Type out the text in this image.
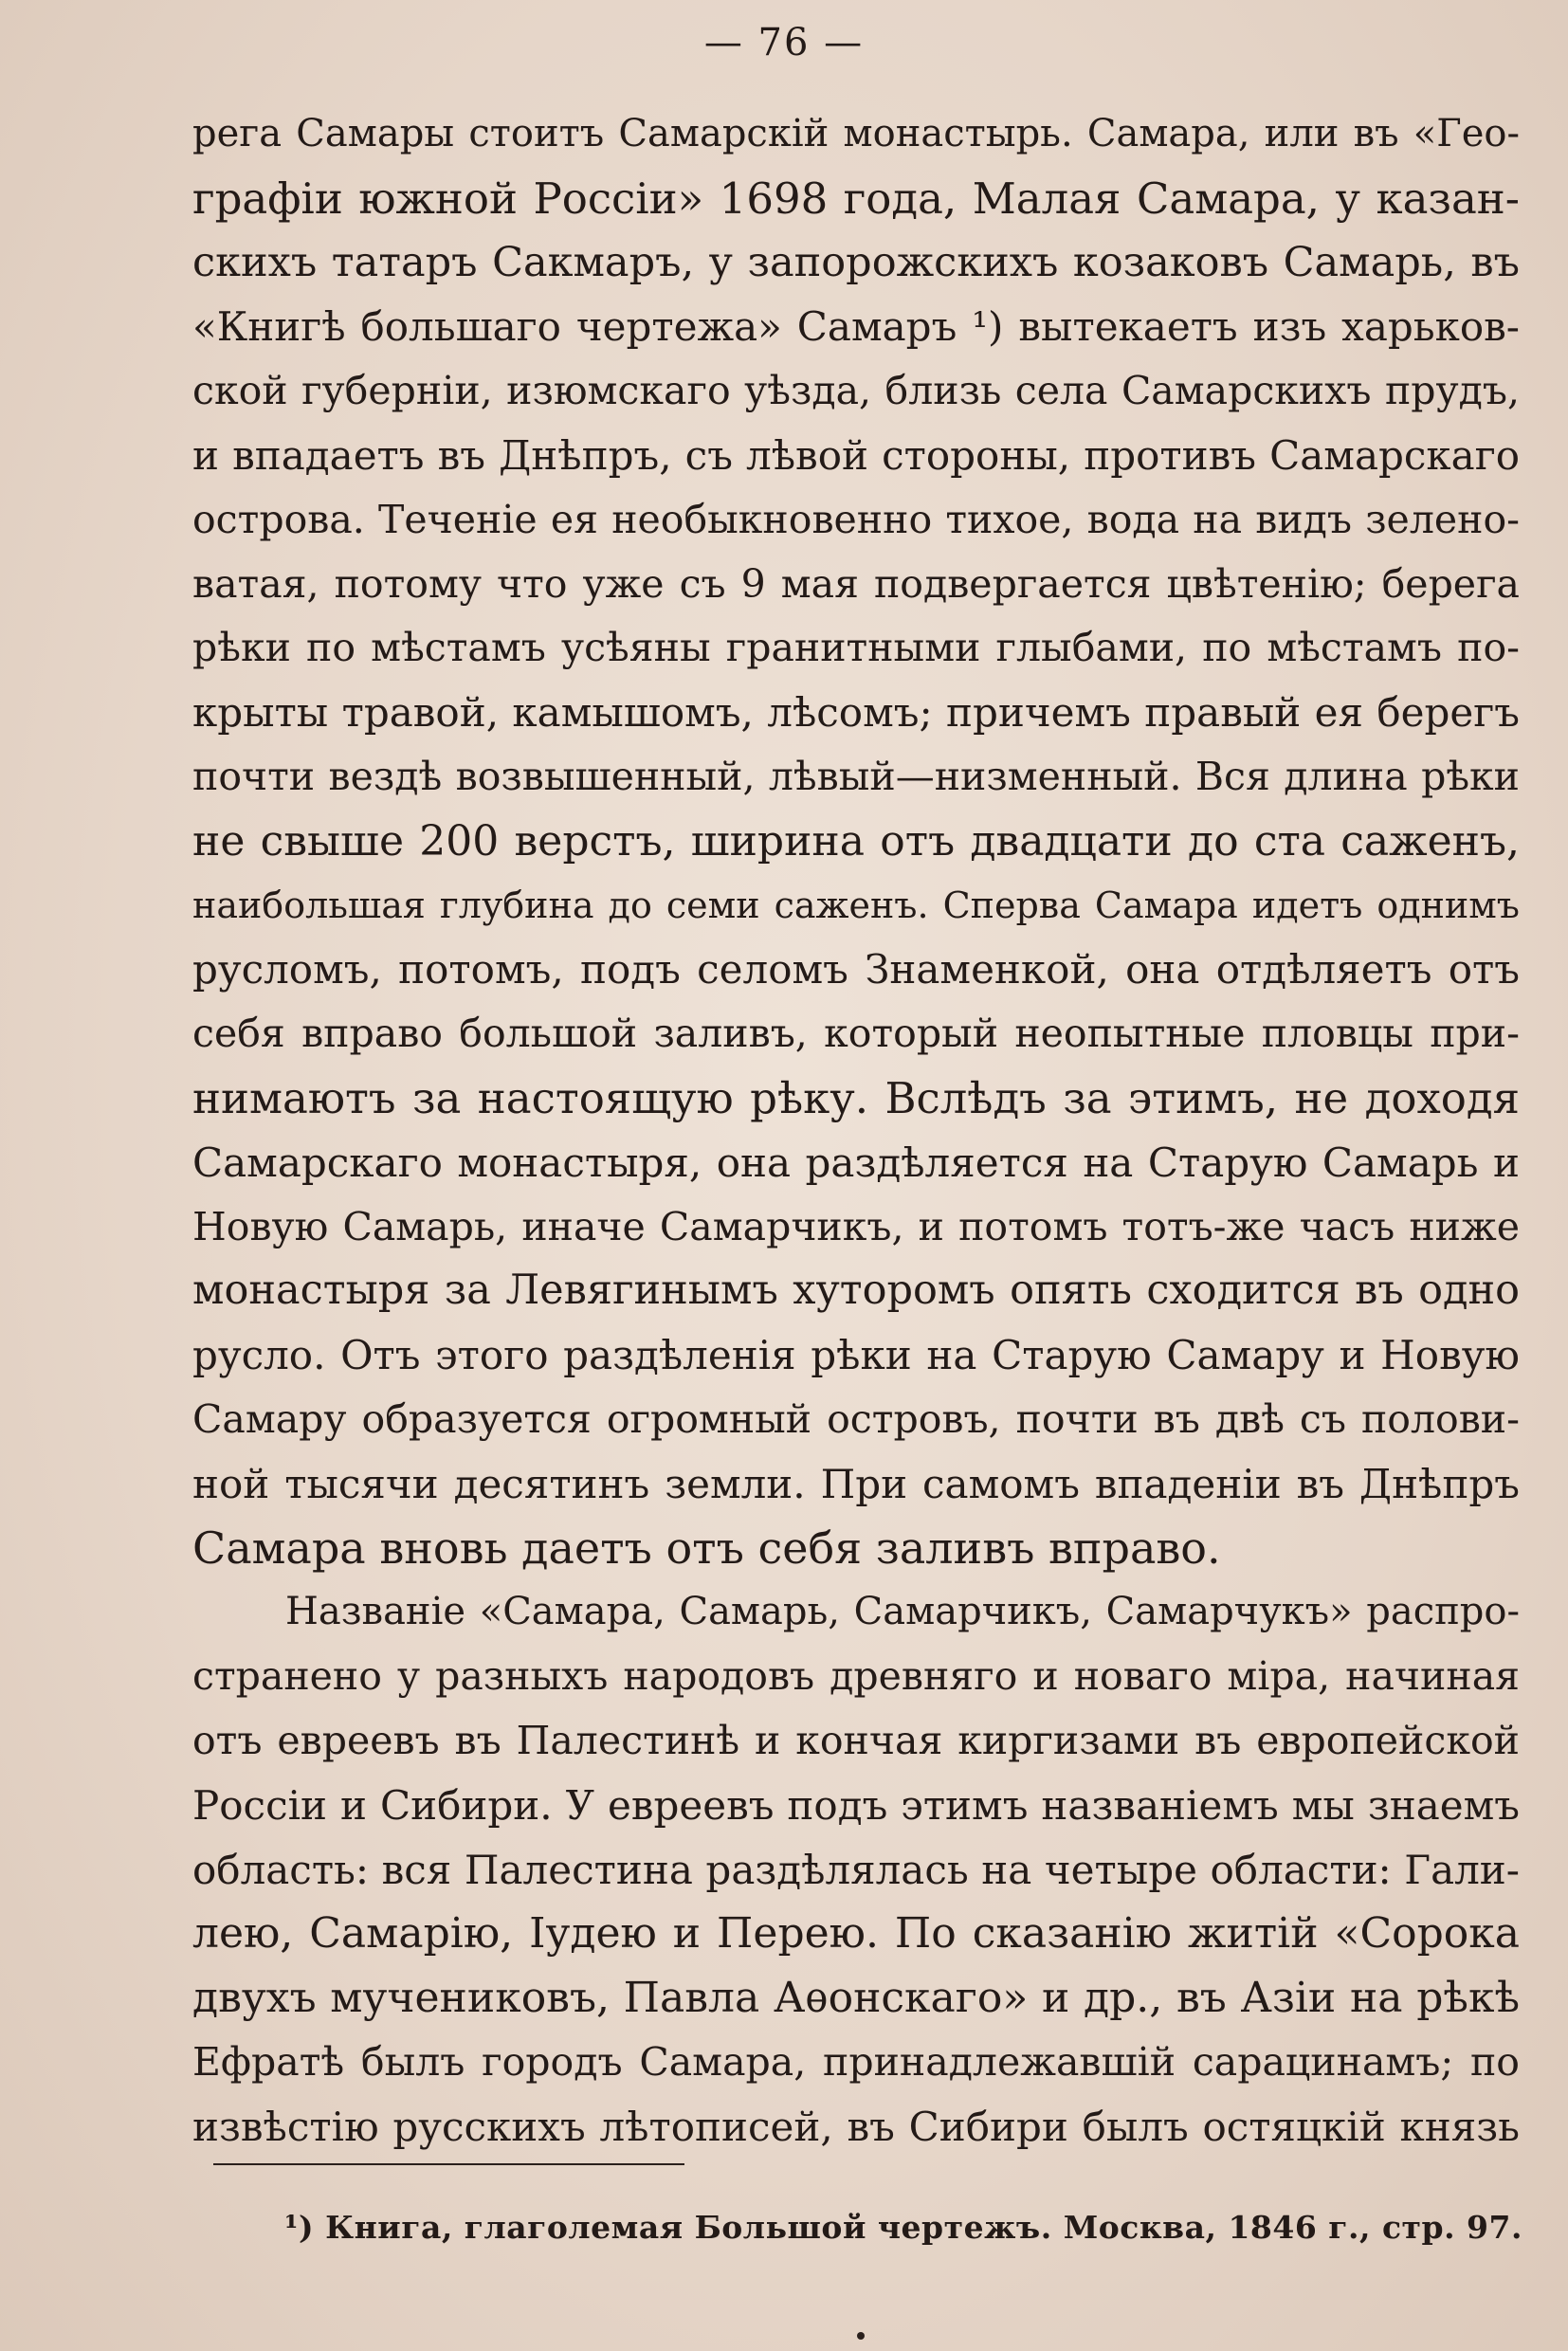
— 76 —
рега Самары стоитъ Самарскій монастырь. Самара, или въ «Гео-
графіи южной Россіи» 1698 года, Малая Самара, у казан-
скихъ татаръ Сакмаръ, у запорожскихъ козаковъ Самарь, въ
«Книгѣ большаго чертежа» Самаръ ¹) вытекаетъ изъ харьков-
ской губерніи, изюмскаго уѣзда, близь села Самарскихъ прудъ,
и впадаетъ въ Днѣпръ, съ лѣвой стороны, противъ Самарскаго
острова. Теченіе ея необыкновенно тихое, вода на видъ зелено-
ватая, потому что уже съ 9 мая подвергается цвѣтенію; берега
рѣки по мѣстамъ усѣяны гранитными глыбами, по мѣстамъ по-
крыты травой, камышомъ, лѣсомъ; причемъ правый ея берегъ
почти вездѣ возвышенный, лѣвый—низменный. Вся длина рѣки
не свыше 200 верстъ, ширина отъ двадцати до ста саженъ,
наибольшая глубина до семи саженъ. Сперва Самара идетъ однимъ
русломъ, потомъ, подъ селомъ Знаменкой, она отдѣляетъ отъ
себя вправо большой заливъ, который неопытные пловцы при-
нимаютъ за настоящую рѣку. Вслѣдъ за этимъ, не доходя
Самарскаго монастыря, она раздѣляется на Старую Самарь и
Новую Самарь, иначе Самарчикъ, и потомъ тотъ-же часъ ниже
монастыря за Левягинымъ хуторомъ опять сходится въ одно
русло. Отъ этого раздѣленія рѣки на Старую Самару и Новую
Самару образуется огромный островъ, почти въ двѣ съ полови-
ной тысячи десятинъ земли. При самомъ впаденіи въ Днѣпръ
Самара вновь даетъ отъ себя заливъ вправо.
Названіе «Самара, Самарь, Самарчикъ, Самарчукъ» распро-
странено у разныхъ народовъ древняго и новаго міра, начиная
отъ евреевъ въ Палестинѣ и кончая киргизами въ европейской
Россіи и Сибири. У евреевъ подъ этимъ названіемъ мы знаемъ
область: вся Палестина раздѣлялась на четыре области: Гали-
лею, Самарію, Іудею и Перею. По сказанію житій «Сорока
двухъ мучениковъ, Павла Аѳонскаго» и др., въ Азіи на рѣкѣ
Ефратѣ былъ городъ Самара, принадлежавшій сарацинамъ; по
извѣстію русскихъ лѣтописей, въ Сибири былъ остяцкій князь
¹) Книга, глаголемая Большой чертежъ. Москва, 1846 г., стр. 97.
